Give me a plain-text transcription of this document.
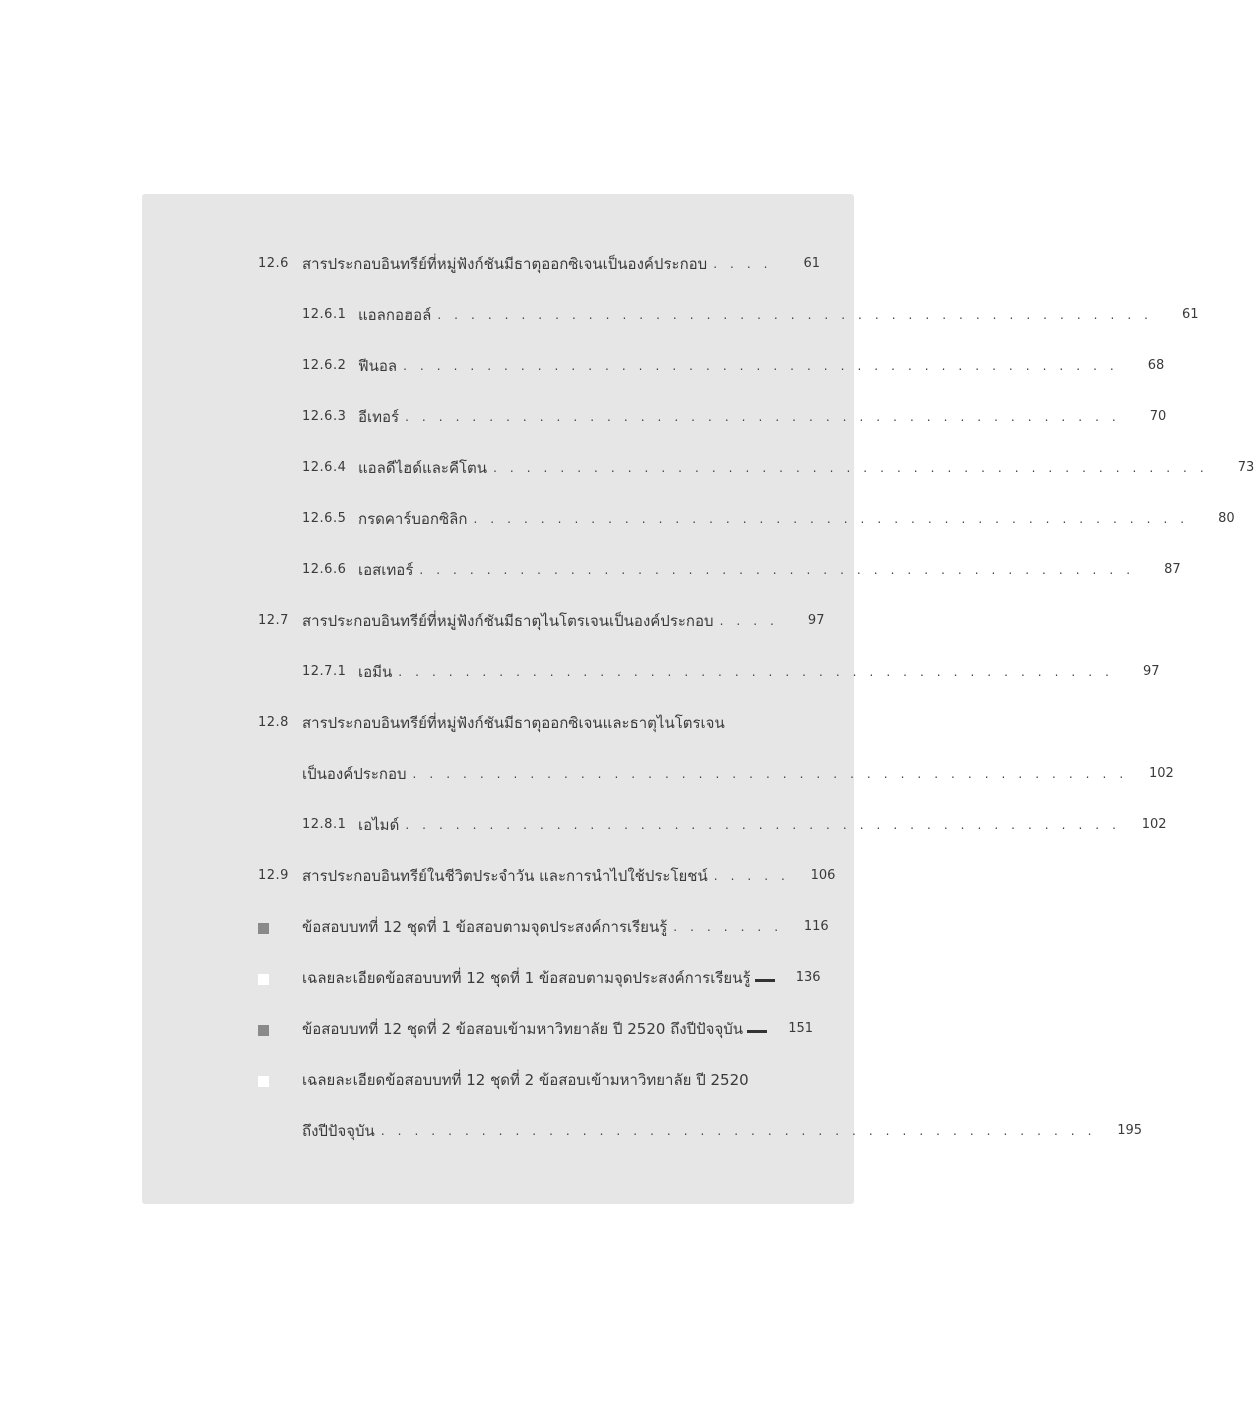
12.6 สารประกอบอินทรีย์ที่หมู่ฟังก์ชันมีธาตุออกซิเจนเป็นองค์ประกอบ . . . .	61
12.6.1 แอลกอฮอล์ . . . . . . . . . . . . . . . . . . . . . . . . . . . . . . . . . . . . . . . . . . .	61
12.6.2 ฟีนอล . . . . . . . . . . . . . . . . . . . . . . . . . . . . . . . . . . . . . . . . . . .	68
12.6.3 อีเทอร์ . . . . . . . . . . . . . . . . . . . . . . . . . . . . . . . . . . . . . . . . . . .	70
12.6.4 แอลดีไฮด์และคีโตน . . . . . . . . . . . . . . . . . . . . . . . . . . . . . . . . . . . . . . . . . . .	73
12.6.5 กรดคาร์บอกซิลิก . . . . . . . . . . . . . . . . . . . . . . . . . . . . . . . . . . . . . . . . . . .	80
12.6.6 เอสเทอร์ . . . . . . . . . . . . . . . . . . . . . . . . . . . . . . . . . . . . . . . . . . .	87
12.7 สารประกอบอินทรีย์ที่หมู่ฟังก์ชันมีธาตุไนโตรเจนเป็นองค์ประกอบ . . . .	97
12.7.1 เอมีน . . . . . . . . . . . . . . . . . . . . . . . . . . . . . . . . . . . . . . . . . . .	97
12.8 สารประกอบอินทรีย์ที่หมู่ฟังก์ชันมีธาตุออกซิเจนและธาตุไนโตรเจน
เป็นองค์ประกอบ . . . . . . . . . . . . . . . . . . . . . . . . . . . . . . . . . . . . . . . . . . .	102
12.8.1 เอไมด์ . . . . . . . . . . . . . . . . . . . . . . . . . . . . . . . . . . . . . . . . . . .	102
12.9 สารประกอบอินทรีย์ในชีวิตประจำวัน และการนำไปใช้ประโยชน์ . . . . .	106
ข้อสอบบทที่ 12 ชุดที่ 1 ข้อสอบตามจุดประสงค์การเรียนรู้ . . . . . . .	116
เฉลยละเอียดข้อสอบบทที่ 12 ชุดที่ 1 ข้อสอบตามจุดประสงค์การเรียนรู้	136
ข้อสอบบทที่ 12 ชุดที่ 2 ข้อสอบเข้ามหาวิทยาลัย ปี 2520 ถึงปีปัจจุบัน	151
เฉลยละเอียดข้อสอบบทที่ 12 ชุดที่ 2 ข้อสอบเข้ามหาวิทยาลัย ปี 2520
ถึงปีปัจจุบัน . . . . . . . . . . . . . . . . . . . . . . . . . . . . . . . . . . . . . . . . . . .	195
